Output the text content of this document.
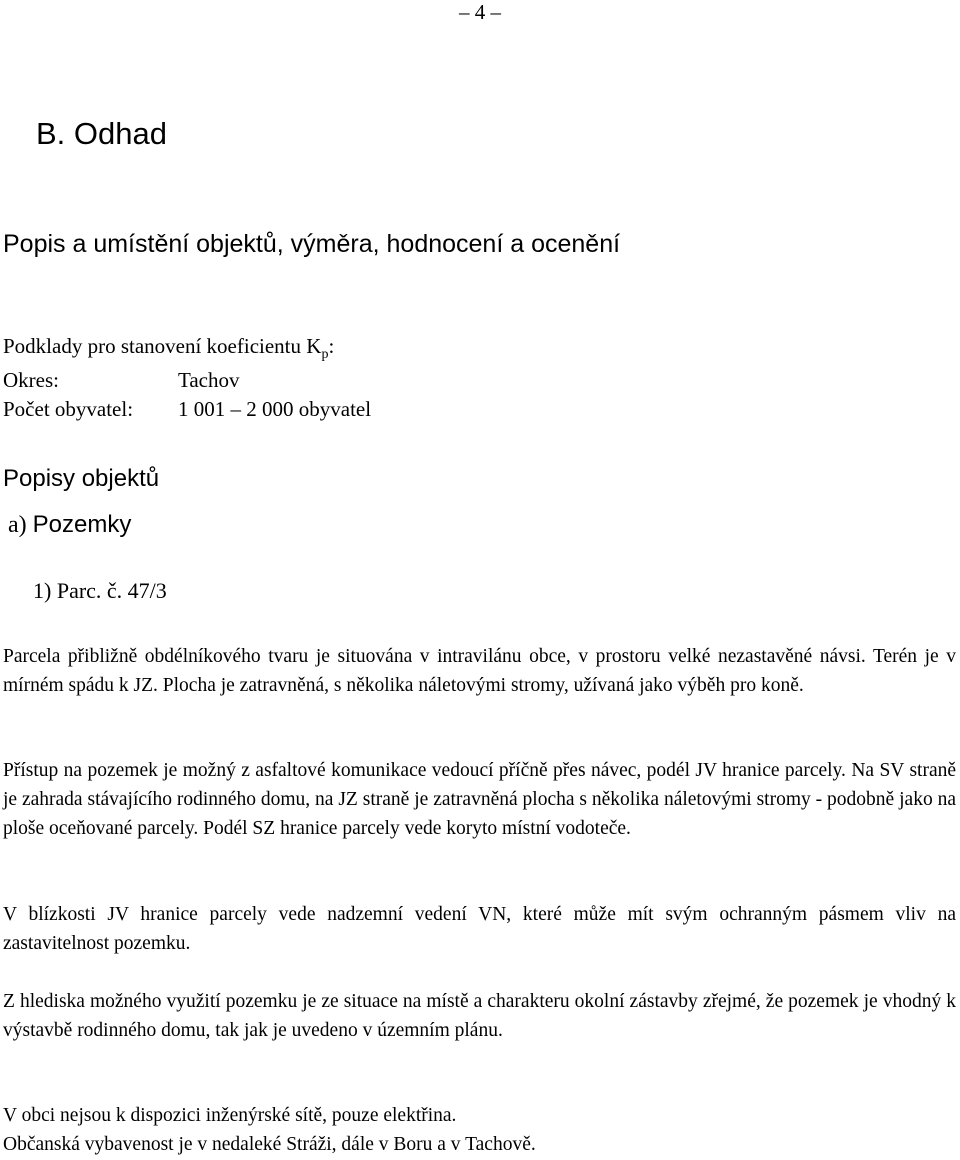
– 4 –
B. Odhad
Popis a umístění objektů, výměra, hodnocení a ocenění
Podklady pro stanovení koeficientu $K_p$:
Okres:	Tachov
Počet obyvatel: 1 001 – 2 000 obyvatel
Popisy objektů
a) Pozemky
1) Parc. č. 47/3

Parcela přibližně obdélníkového tvaru je situována v intravilánu obce, v prostoru velké nezastavěné návsi. Terén je v mírném spádu k JZ. Plocha je zatravněná, s několika náletovými stromy, užívaná jako výběh pro koně.

Přístup na pozemek je možný z asfaltové komunikace vedoucí příčně přes návec, podél JV hranice parcely. Na SV straně je zahrada stávajícího rodinného domu, na JZ straně je zatravněná plocha s několika náletovými stromy - podobně jako na ploše oceňované parcely. Podél SZ hranice parcely vede koryto místní vodoteče.

V blízkosti JV hranice parcely vede nadzemní vedení VN, které může mít svým ochranným pásmem vliv na zastavitelnost pozemku.

Z hlediska možného využití pozemku je ze situace na místě a charakteru okolní zástavby zřejmé, že pozemek je vhodný k výstavbě rodinného domu, tak jak je uvedeno v územním plánu.

V obci nejsou k dispozici inženýrské sítě, pouze elektřina.

Občanská vybavenost je v nedaleké Stráži, dále v Boru a v Tachově.
